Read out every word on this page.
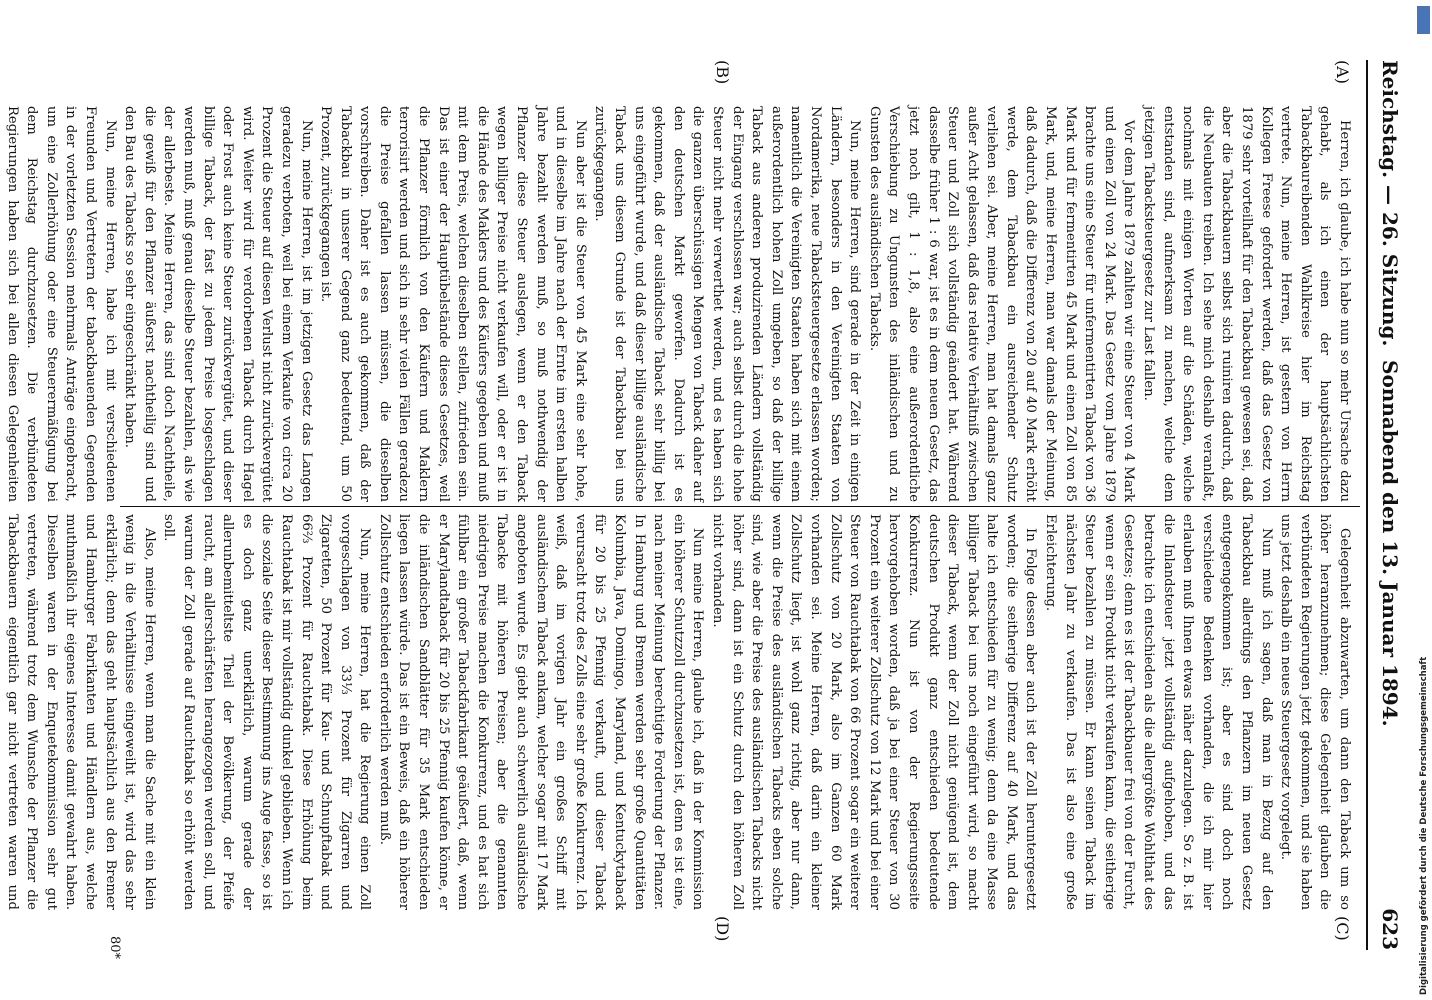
Reichstag. — 26. Sitzung.
Sonnabend den 13. Januar 1894.
623
(A)
(B)
(C)
(D)

Herren, ich glaube, ich habe nun so mehr Ursache dazu gehabt, als ich einen der hauptsächlichsten Tabackbaureibenden Wahlkreise hier im Reichstag vertrete. Nun, meine Herren, ist gestern von Herrn Kollegen Freese gefordert werden, daß das Gesetz von 1879 sehr vorteilhaft für den Tabackbau gewesen sei, daß aber die Tabackbauern selbst sich ruiniren dadurch, daß die Neubauten treiben. Ich sehe mich deshalb veranlaßt, nochmals mit einigen Worten auf die Schäden, welche entstanden sind, aufmerksam zu machen, welche dem jetzigen Tabacksteuergesetz zur Last fallen.

Vor dem Jahre 1879 zahlten wir eine Steuer von 4 Mark und einen Zoll von 24 Mark. Das Gesetz vom Jahre 1879 brachte uns eine Steuer für unfermentirten Taback von 36 Mark und für fermentirten 45 Mark und einen Zoll von 85 Mark, und, meine Herren, man war damals der Meinung, daß dadurch, daß die Differenz von 20 auf 40 Mark erhöht werde, dem Tabackbau ein ausreichender Schutz verliehen sei. Aber, meine Herren, man hat damals ganz außer Acht gelassen, daß das relative Verhältniß zwischen Steuer und Zoll sich vollständig geändert hat. Während dasselbe früher 1 : 6 war, ist es in dem neuen Gesetz, das jetzt noch gilt, 1 : 1,8, also eine außerordentliche Verschiebung zu Ungunsten des inländischen und zu Gunsten des ausländischen Tabacks.

Nun, meine Herren, sind gerade in der Zeit in einigen Ländern, besonders in den Vereinigten Staaten von Nordamerika, neue Tabacksteuergesetze erlassen worden; namentlich die Vereinigten Staaten haben sich mit einem außerordentlich hohen Zoll umgeben, so daß der billige Taback aus anderen produzirenden Ländern vollständig der Eingang verschlossen war; auch selbst durch die hohe Steuer nicht mehr verwerthet werden, und es haben sich die ganzen überschüssigen Mengen von Taback daher auf den deutschen Markt geworfen. Dadurch ist es gekommen, daß der ausländische Taback sehr billig bei uns eingeführt wurde, und daß dieser billige ausländische Taback uns diesem Grunde ist der Tabackbau bei uns zurückgegangen.

Nun aber ist die Steuer von 45 Mark eine sehr hohe, und in dieselbe im Jahre nach der Ernte im ersten halben Jahre bezahlt werden muß, so muß nothwendig der Pflanzer diese Steuer auslegen, wenn er den Taback wegen billiger Preise nicht verkaufen will, oder er ist in die Hände des Maklers und des Käufers gegeben und muß mit dem Preis, welchen dieselben stellen, zufrieden sein. Das ist einer der Hauptübelstände dieses Gesetzes, weil die Pflanzer förmlich von den Käufern und Maklern terrorisirt werden und sich in sehr vielen Fällen geradezu die Preise gefallen lassen müssen, die dieselben vorschreiben. Daher ist es auch gekommen, daß der Tabackbau in unserer Gegend ganz bedeutend, um 50 Prozent, zurückgegangen ist.

Nun, meine Herren, ist im jetzigen Gesetz das Langen geradezu verboten, weil bei einem Verkaufe von circa 20 Prozent die Steuer auf diesen Verlust nicht zurückvergütet wird. Weiter wird für verdorbenen Taback durch Hagel oder Frost auch keine Steuer zurückvergütet, und dieser billige Taback, der fast zu jedem Preise losgeschlagen werden muß, muß genau dieselbe Steuer bezahlen, als wie der allerbeste. Meine Herren, das sind doch Nachtheile, die gewiß für den Pflanzer äußerst nachtheilig sind und den Bau des Tabacks so sehr eingeschränkt haben.

Nun, meine Herren, habe ich mit verschiedenen Freunden und Vertretern der tabackbauenden Gegenden in der vorletzten Session mehrmals Anträge eingebracht, um eine Zollerhöhung oder eine Steuerermäßigung bei dem Reichstag durchzusetzen. Die verbündeten Regierungen haben sich bei allen diesen Gelegenheiten

Gelegenheit abzuwarten, um dann den Taback um so höher heranzunehmen; diese Gelegenheit glauben die verbündeten Regierungen jetzt gekommen, und sie haben uns jetzt deshalb ein neues Steuergesetz vorgelegt.

Nun muß ich sagen, daß man in Bezug auf den Tabackbau allerdings den Pflanzern im neuen Gesetz entgegengekommen ist; aber es sind doch noch verschiedene Bedenken vorhanden, die ich mir hier erlauben muß Ihnen etwas näher darzulegen. So z. B. ist die Inlandsteuer jetzt vollständig aufgehoben, und das betrachte ich entschieden als die allergrößte Wohlthat des Gesetzes; denn es ist der Tabackbauer frei von der Furcht, wenn er sein Produkt nicht verkaufen kann, die seitherige Steuer bezahlen zu müssen. Er kann seinen Taback im nächsten Jahr zu verkaufen. Das ist also eine große Erleichterung.

In Folge dessen aber auch ist der Zoll heruntergesetzt worden; die seitherige Differenz auf 40 Mark, und das halte ich entschieden für zu wenig; denn da eine Masse billiger Taback bei uns noch eingeführt wird, so macht dieser Taback, wenn der Zoll nicht genügend ist, dem deutschen Produkt ganz entschieden bedeutende Konkurrenz. Nun ist von der Regierungsseite hervorgehoben worden, daß ja bei einer Steuer von 30 Prozent ein weiterer Zollschutz von 12 Mark und bei einer Steuer von Rauchtabak von 66 Prozent sogar ein weiterer Zollschutz von 20 Mark, also im Ganzen 60 Mark vorhanden sei. Meine Herren, daß darin ein kleiner Zollschutz liegt, ist wohl ganz richtig, aber nur dann, wenn die Preise des ausländischen Tabacks eben solche sind, wie aber die Preise des ausländischen Tabacks nicht höher sind, dann ist ein Schutz durch den höheren Zoll nicht vorhanden.

Nun meine Herren, glaube ich, daß in der Kommission ein höherer Schutzzoll durchzusetzen ist, denn es ist eine, nach meiner Meinung berechtigte Forderung der Pflanzer. In Hamburg und Bremen werden sehr große Quantitäten Kolumbia, Java, Domingo, Maryland, und Kentuckytaback für 20 bis 25 Pfennig verkauft, und dieser Taback verursacht trotz des Zolls eine sehr große Konkurrenz. Ich weiß, daß im vorigen Jahr ein großes Schiff mit ausländischem Taback ankam, welcher sogar mit 17 Mark angeboten wurde. Es giebt auch schwerlich ausländische Tabacke mit höheren Preisen; aber die genannten niedrigen Preise machen die Konkurrenz, und es hat sich fühlbar ein großer Tabackfabrikant geäußert, daß, wenn er Marylandtaback für 20 bis 25 Pfennig kaufen könne, er die inländischen Sandblätter für 35 Mark entschieden liegen lassen würde. Das ist ein Beweis, daß ein höherer Zollschutz entschieden erforderlich werden muß.

Nun, meine Herren, hat die Regierung einen Zoll vorgeschlagen von 33⅓ Prozent für Zigarren und Zigaretten, 50 Prozent für Kau- und Schnupftabak und 66⅔ Prozent für Rauchtabak. Diese Erhöhung beim Rauchtabak ist mir vollständig dunkel geblieben. Wenn ich die soziale Seite dieser Bestimmung ins Auge fasse, so ist es doch ganz unerklärlich, warum gerade der allerunbemitteltste Theil der Bevölkerung, der Pfeife raucht, am allerschärfsten herangezogen werden soll, und warum der Zoll gerade auf Rauchtabak so erhöht werden soll.

Also, meine Herren, wenn man die Sache mit ein klein wenig in die Verhältnisse eingeweiht ist, wird das sehr erklärlich; denn das geht hauptsächlich aus den Bremer und Hamburger Fabrikanten und Händlern aus, welche muthmaßlich ihr eigenes Interesse damit gewahrt haben. Dieselben waren in der Enquetekommission sehr gut vertreten, während trotz dem Wunsche der Pflanzer die Tabackbauern eigentlich gar nicht vertreten waren und

80*	Digitalisierung gefördert durch die Deutsche Forschungsgemeinschaft
